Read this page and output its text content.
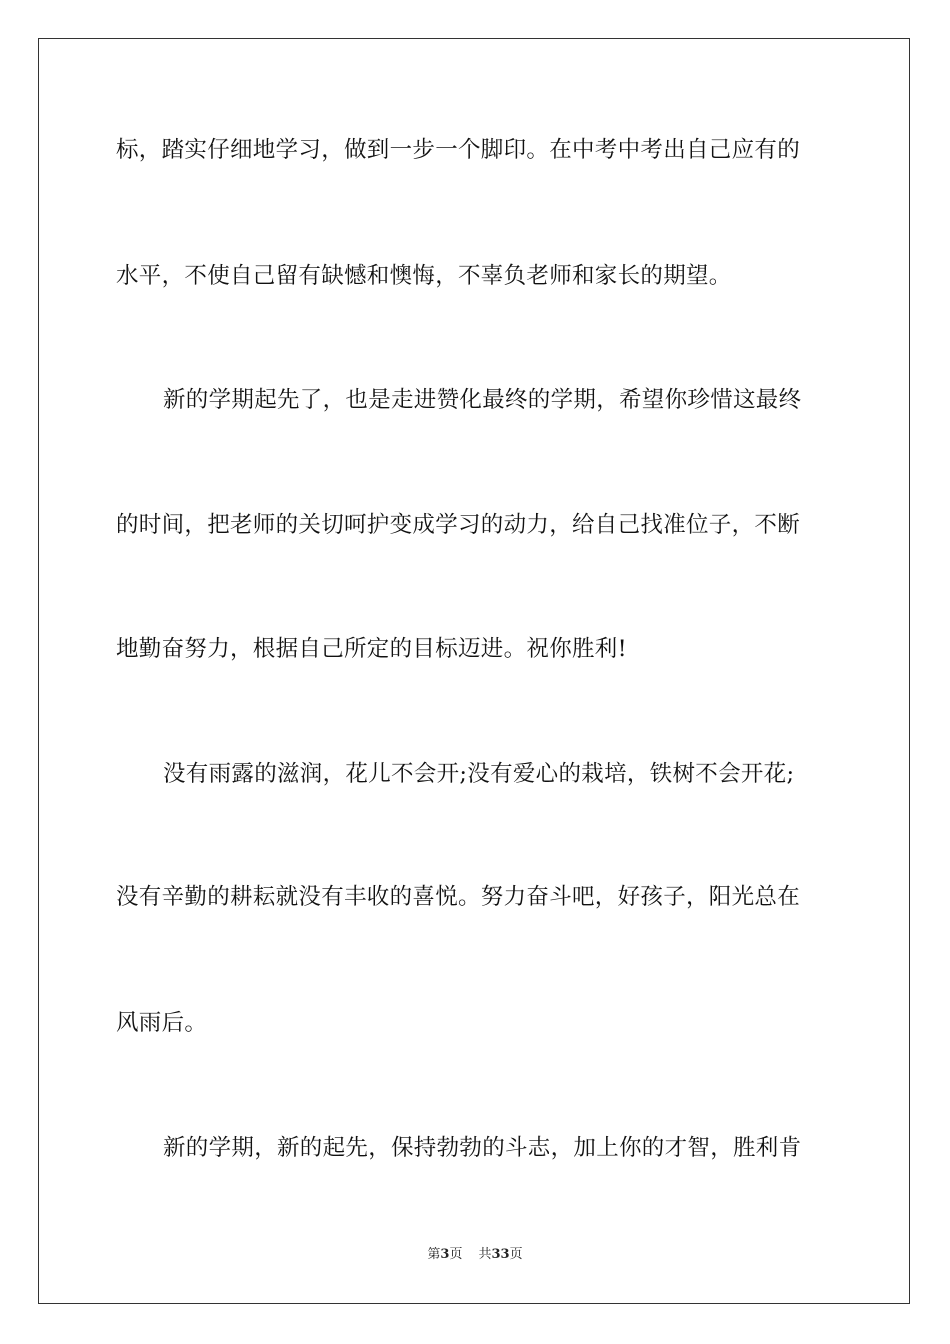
标，踏实仔细地学习，做到一步一个脚印。在中考中考出自己应有的
水平，不使自己留有缺憾和懊悔，不辜负老师和家长的期望。
新的学期起先了，也是走进赞化最终的学期，希望你珍惜这最终
的时间，把老师的关切呵护变成学习的动力，给自己找准位子，不断
地勤奋努力，根据自己所定的目标迈进。祝你胜利!
没有雨露的滋润，花儿不会开;没有爱心的栽培，铁树不会开花;
没有辛勤的耕耘就没有丰收的喜悦。努力奋斗吧，好孩子，阳光总在
风雨后。
新的学期，新的起先，保持勃勃的斗志，加上你的才智，胜利肯
第3页 共33页
